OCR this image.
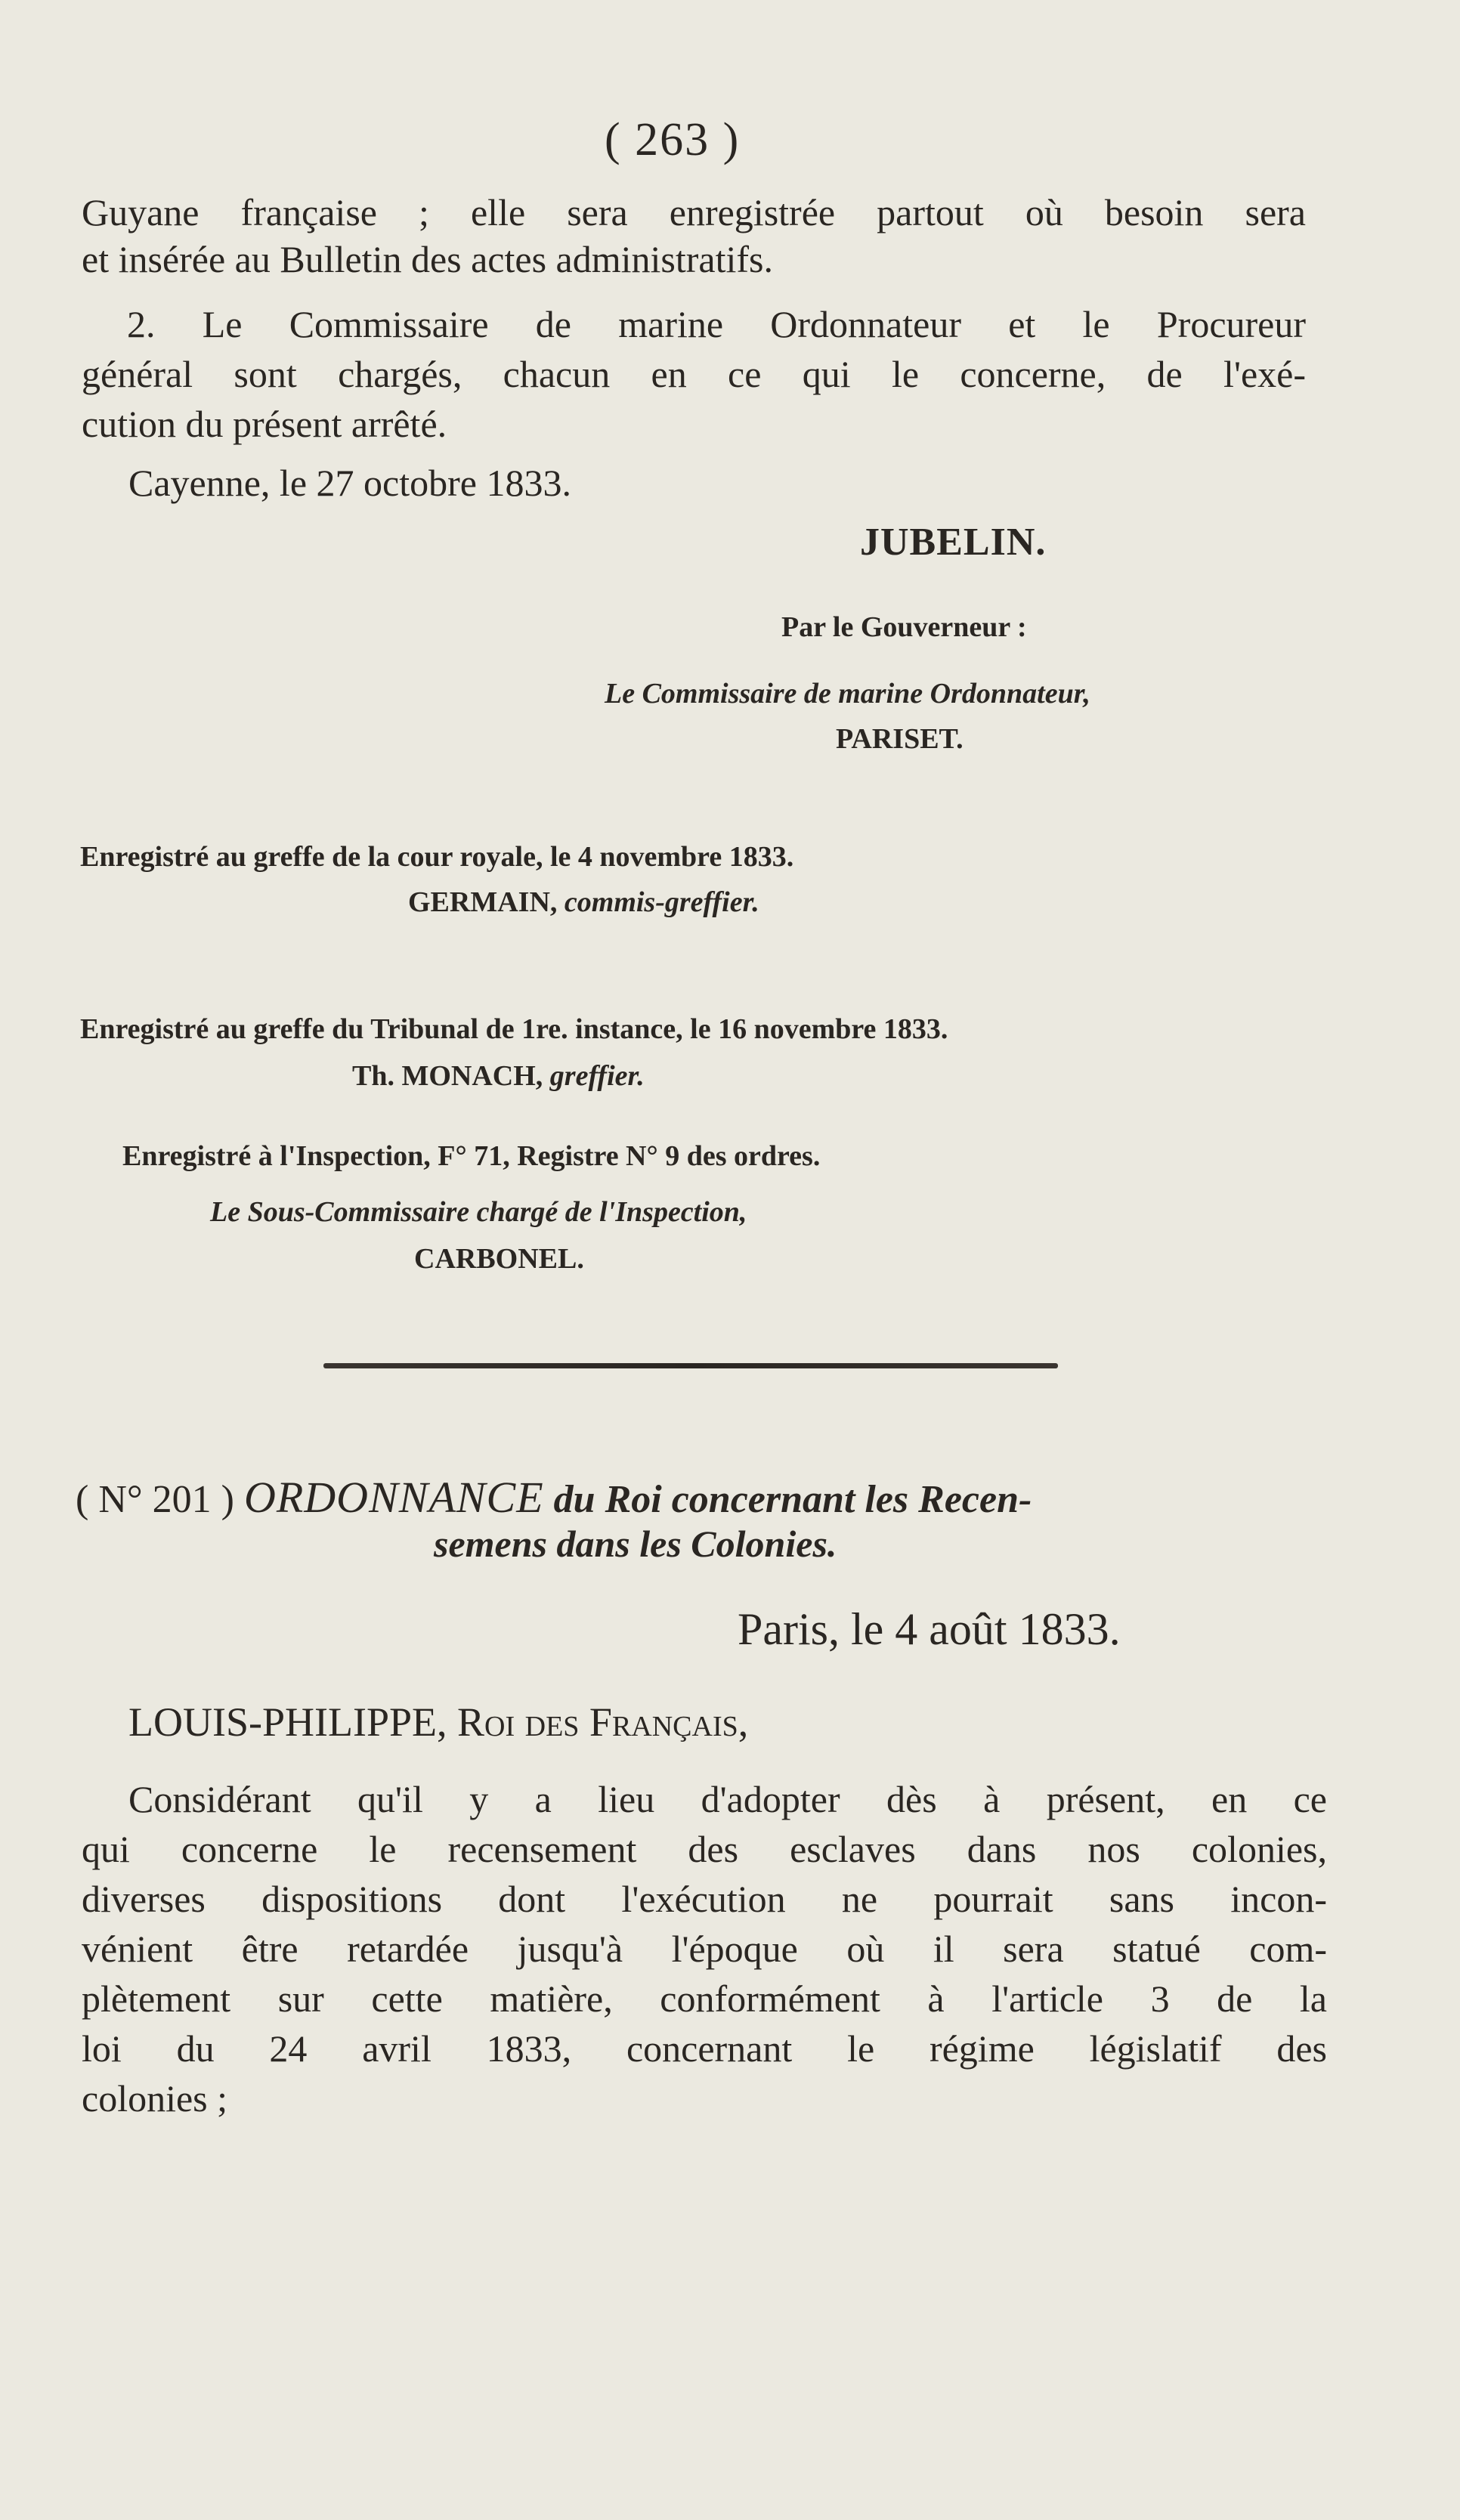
( 263 )
Guyane française ; elle sera enregistrée partout où besoin sera
et insérée au Bulletin des actes administratifs.
2. Le Commissaire de marine Ordonnateur et le Procureur
général sont chargés, chacun en ce qui le concerne, de l'exé-
cution du présent arrêté.
Cayenne, le 27 octobre 1833.
JUBELIN.
Par le Gouverneur :
Le Commissaire de marine Ordonnateur,
PARISET.
Enregistré au greffe de la cour royale, le 4 novembre 1833.
GERMAIN, commis-greffier.
Enregistré au greffe du Tribunal de 1re. instance, le 16 novembre 1833.
Th. MONACH, greffier.
Enregistré à l'Inspection, F° 71, Registre N° 9 des ordres.
Le Sous-Commissaire chargé de l'Inspection,
CARBONEL.
( N° 201 ) ORDONNANCE du Roi concernant les Recen-
semens dans les Colonies.
Paris, le 4 août 1833.
LOUIS-PHILIPPE, Roi des Français,
Considérant qu'il y a lieu d'adopter dès à présent, en ce
qui concerne le recensement des esclaves dans nos colonies,
diverses dispositions dont l'exécution ne pourrait sans incon-
vénient être retardée jusqu'à l'époque où il sera statué com-
plètement sur cette matière, conformément à l'article 3 de la
loi du 24 avril 1833, concernant le régime législatif des
colonies ;
